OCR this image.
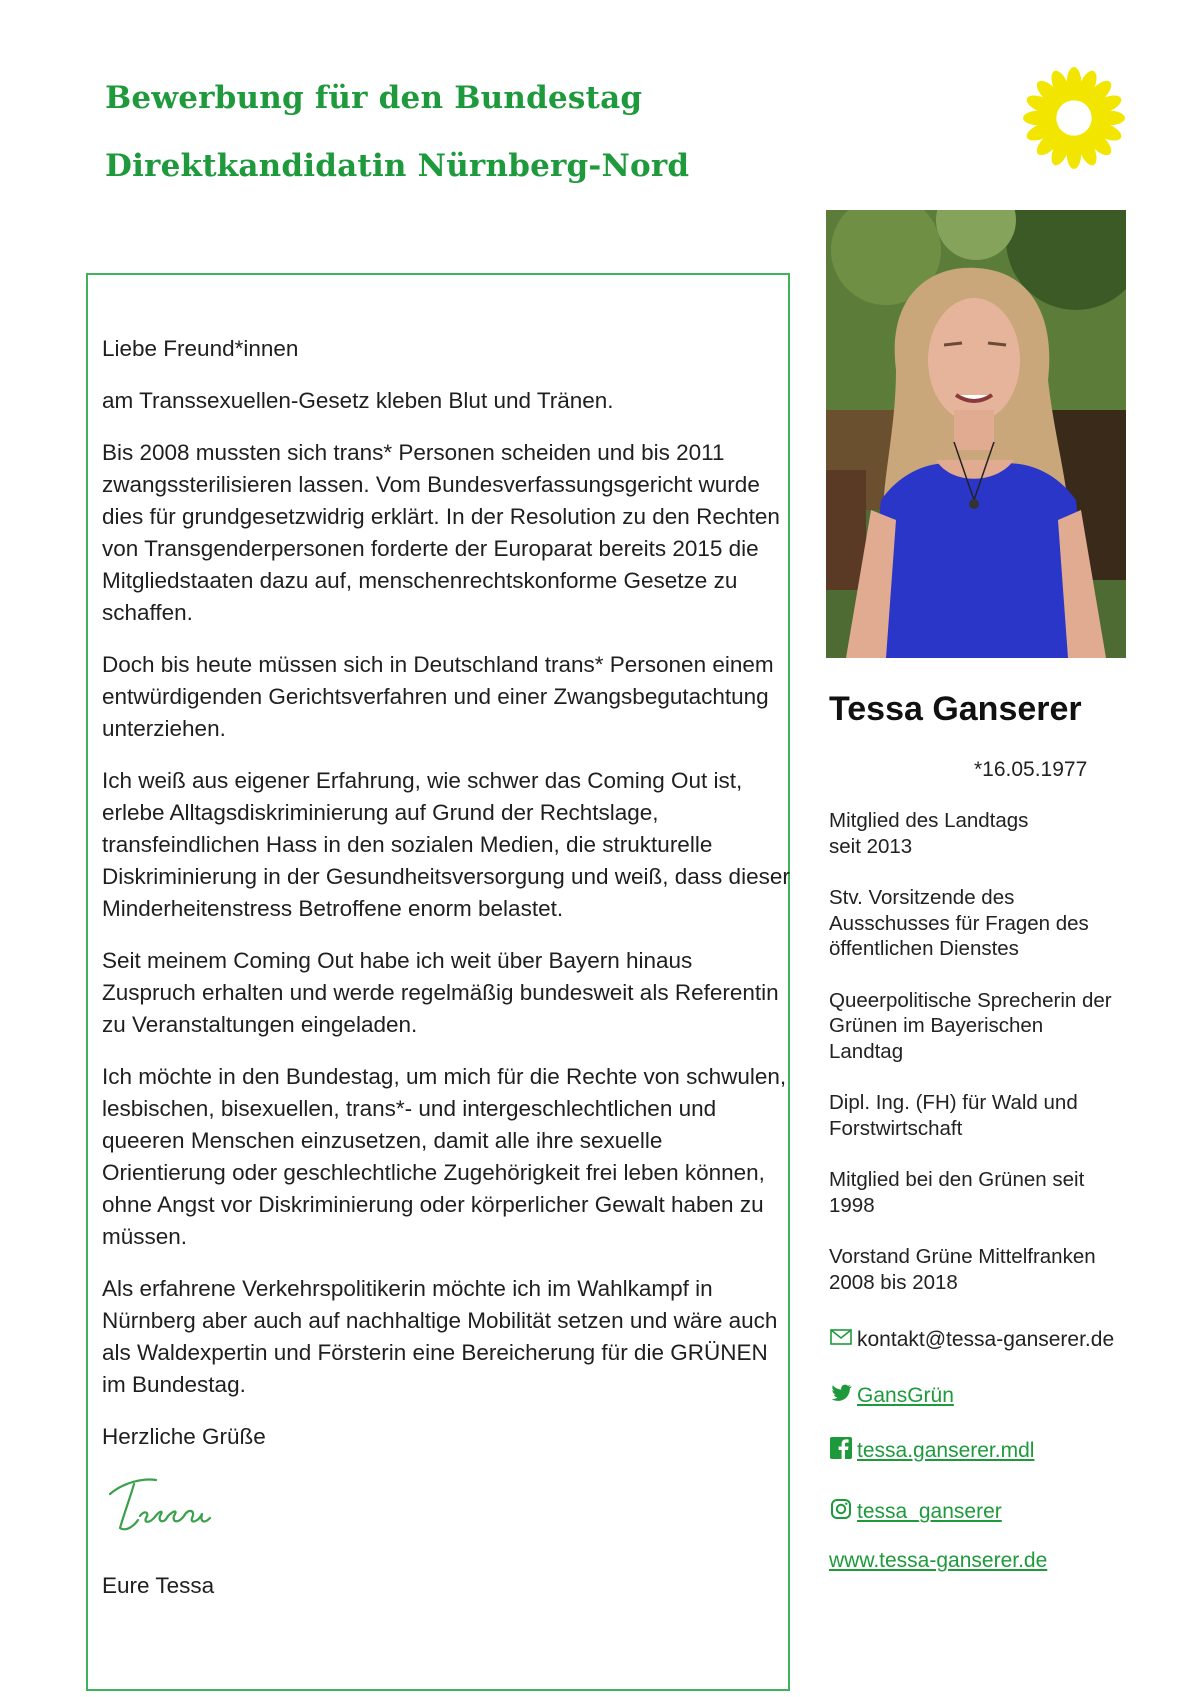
Bewerbung für den Bundestag
Direktkandidatin Nürnberg-Nord

Liebe Freund*innen

am Transsexuellen-Gesetz kleben Blut und Tränen.

Bis 2008 mussten sich trans* Personen scheiden und bis 2011 zwangssterilisieren lassen. Vom Bundesverfassungsgericht wurde dies für grundgesetzwidrig erklärt. In der Resolution zu den Rechten von Transgenderpersonen forderte der Europarat bereits 2015 die Mitgliedstaaten dazu auf, menschenrechtskonforme Gesetze zu schaffen.

Doch bis heute müssen sich in Deutschland trans* Personen einem entwürdigenden Gerichtsverfahren und einer Zwangsbegutachtung unterziehen.

Ich weiß aus eigener Erfahrung, wie schwer das Coming Out ist, erlebe Alltagsdiskriminierung auf Grund der Rechtslage, transfeindlichen Hass in den sozialen Medien, die strukturelle Diskriminierung in der Gesundheitsversorgung und weiß, dass dieser Minderheitenstress Betroffene enorm belastet.

Seit meinem Coming Out habe ich weit über Bayern hinaus Zuspruch erhalten und werde regelmäßig bundesweit als Referentin zu Veranstaltungen eingeladen.

Ich möchte in den Bundestag, um mich für die Rechte von schwulen, lesbischen, bisexuellen, trans*- und intergeschlechtlichen und queeren Menschen einzusetzen, damit alle ihre sexuelle Orientierung oder geschlechtliche Zugehörigkeit frei leben können, ohne Angst vor Diskriminierung oder körperlicher Gewalt haben zu müssen.

Als erfahrene Verkehrspolitikerin möchte ich im Wahlkampf in Nürnberg aber auch auf nachhaltige Mobilität setzen und wäre auch als Waldexpertin und Försterin eine Bereicherung für die GRÜNEN im Bundestag.

Herzliche Grüße

Eure Tessa
Tessa Ganserer
*16.05.1977

Mitglied des Landtags
seit 2013

Stv. Vorsitzende des
Ausschusses für Fragen des
öffentlichen Dienstes

Queerpolitische Sprecherin der
Grünen im Bayerischen
Landtag

Dipl. Ing. (FH) für Wald und
Forstwirtschaft

Mitglied bei den Grünen seit
1998

Vorstand Grüne Mittelfranken
2008 bis 2018

kontakt@tessa-ganserer.de
GansGrün
tessa.ganserer.mdl
tessa_ganserer
www.tessa-ganserer.de
